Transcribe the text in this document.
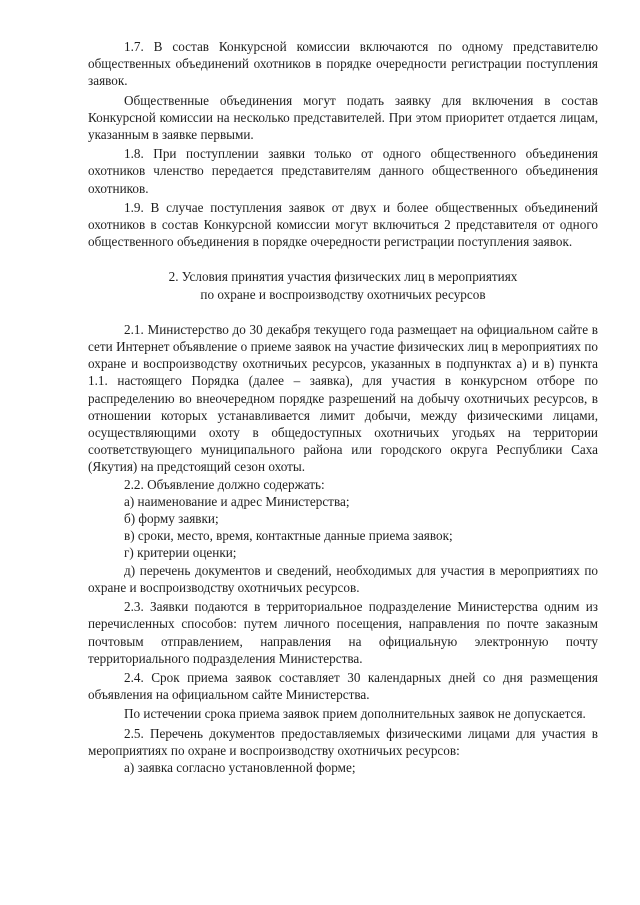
1.7. В состав Конкурсной комиссии включаются по одному представителю общественных объединений охотников в порядке очередности регистрации поступления заявок.

Общественные объединения могут подать заявку для включения в состав Конкурсной комиссии на несколько представителей. При этом приоритет отдается лицам, указанным в заявке первыми.

1.8. При поступлении заявки только от одного общественного объединения охотников членство передается представителям данного общественного объединения охотников.

1.9. В случае поступления заявок от двух и более общественных объединений охотников в состав Конкурсной комиссии могут включиться 2 представителя от одного общественного объединения в порядке очередности регистрации поступления заявок.

2. Условия принятия участия физических лиц в мероприятиях
по охране и воспроизводству охотничьих ресурсов

2.1. Министерство до 30 декабря текущего года размещает на официальном сайте в сети Интернет объявление о приеме заявок на участие физических лиц в мероприятиях по охране и воспроизводству охотничьих ресурсов, указанных в подпунктах а) и в) пункта 1.1. настоящего Порядка (далее – заявка), для участия в конкурсном отборе по распределению во внеочередном порядке разрешений на добычу охотничьих ресурсов, в отношении которых устанавливается лимит добычи, между физическими лицами, осуществляющими охоту в общедоступных охотничьих угодьях на территории соответствующего муниципального района или городского округа Республики Саха (Якутия) на предстоящий сезон охоты.

2.2. Объявление должно содержать:

а) наименование и адрес Министерства;

б) форму заявки;

в) сроки, место, время, контактные данные приема заявок;

г) критерии оценки;

д) перечень документов и сведений, необходимых для участия в мероприятиях по охране и воспроизводству охотничьих ресурсов.

2.3. Заявки подаются в территориальное подразделение Министерства одним из перечисленных способов: путем личного посещения, направления по почте заказным почтовым отправлением, направления на официальную электронную почту территориального подразделения Министерства.

2.4. Срок приема заявок составляет 30 календарных дней со дня размещения объявления на официальном сайте Министерства.

По истечении срока приема заявок прием дополнительных заявок не допускается.

2.5. Перечень документов предоставляемых физическими лицами для участия в мероприятиях по охране и воспроизводству охотничьих ресурсов:

а) заявка согласно установленной форме;
